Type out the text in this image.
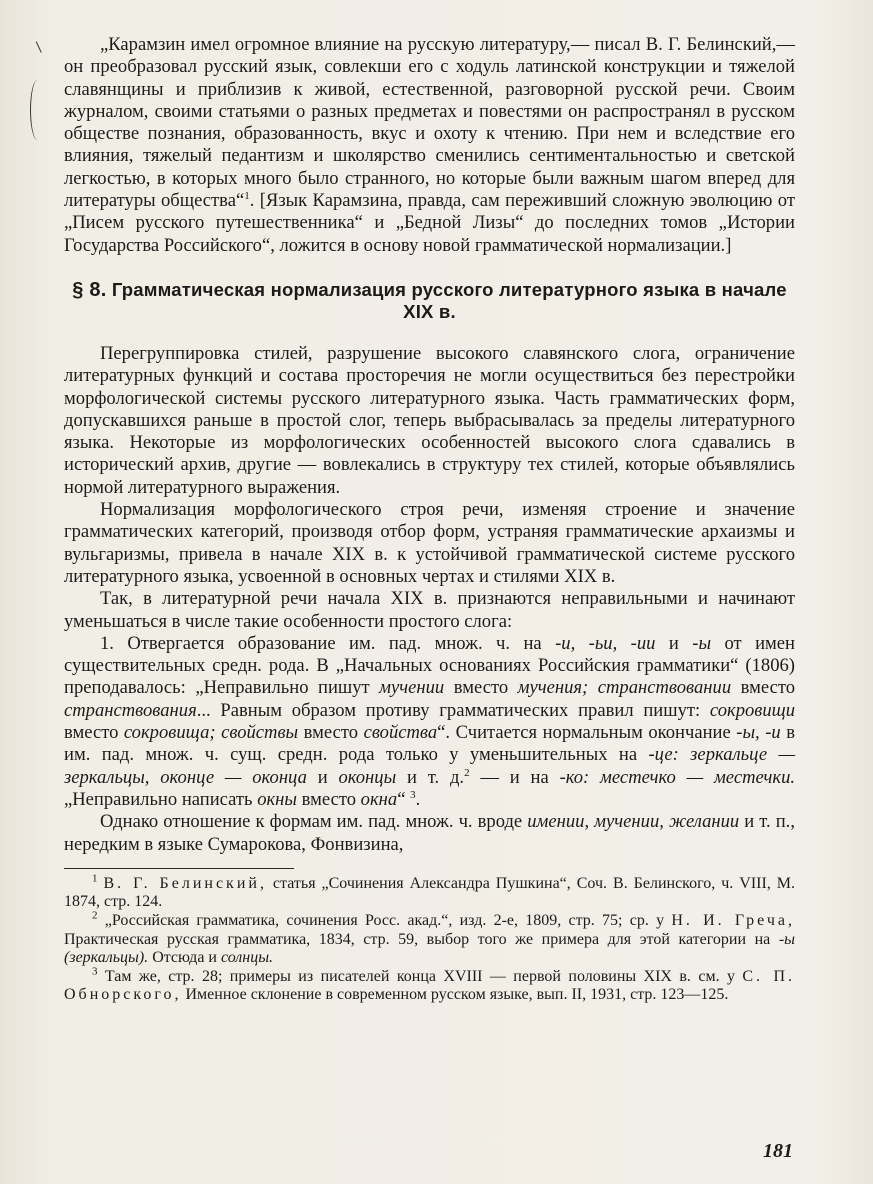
„Карамзин имел огромное влияние на русскую литературу,— писал В. Г. Белинский,— он преобразовал русский язык, совлекши его с ходуль латинской конструкции и тяжелой славянщины и приблизив к живой, естественной, разговорной русской речи. Своим журналом, своими статьями о разных предметах и повестями он распространял в русском обществе познания, образованность, вкус и охоту к чтению. При нем и вследствие его влияния, тяжелый педантизм и школярство сменились сентиментальностью и светской легкостью, в которых много было странного, но которые были важным шагом вперед для литературы общества“$^1$. [Язык Карамзина, правда, сам переживший сложную эволюцию от „Писем русского путешественника“ и „Бедной Лизы“ до последних томов „Истории Государства Российского“, ложится в основу новой грамматической нормализации.]

§ 8. Грамматическая нормализация русского литературного языка в начале XIX в.

Перегруппировка стилей, разрушение высокого славянского слога, ограничение литературных функций и состава просторечия не могли осуществиться без перестройки морфологической системы русского литературного языка. Часть грамматических форм, допускавшихся раньше в простой слог, теперь выбрасывалась за пределы литературного языка. Некоторые из морфологических особенностей высокого слога сдавались в исторический архив, другие — вовлекались в структуру тех стилей, которые объявлялись нормой литературного выражения.

Нормализация морфологического строя речи, изменяя строение и значение грамматических категорий, производя отбор форм, устраняя грамматические архаизмы и вульгаризмы, привела в начале XIX в. к устойчивой грамматической системе русского литературного языка, усвоенной в основных чертах и стилями XIX в.

Так, в литературной речи начала XIX в. признаются неправильными и начинают уменьшаться в числе такие особенности простого слога:

1. Отвергается образование им. пад. множ. ч. на -и, -ьи, -ии и -ы от имен существительных средн. рода. В „Начальных основаниях Российския грамматики“ (1806) преподавалось: „Неправильно пишут мучении вместо мучения; странствовании вместо странствования... Равным образом противу грамматических правил пишут: сокровищи вместо сокровища; свойствы вместо свойства“. Считается нормальным окончание -ы, -и в им. пад. множ. ч. сущ. средн. рода только у уменьшительных на -це: зеркальце — зеркальцы, оконце — оконца и оконцы и т. д.$^2$ — и на -ко: местечко — местечки. „Неправильно написать окны вместо окна“ $^3$.

Однако отношение к формам им. пад. множ. ч. вроде имении, мучении, желании и т. п., нередким в языке Сумарокова, Фонвизина,

$^1$ В. Г. Белинский, статья „Сочинения Александра Пушкина“, Соч. В. Белинского, ч. VIII, М. 1874, стр. 124.

$^2$ „Российская грамматика, сочинения Росс. акад.“, изд. 2-е, 1809, стр. 75; ср. у Н. И. Греча, Практическая русская грамматика, 1834, стр. 59, выбор того же примера для этой категории на -ы (зеркальцы). Отсюда и солнцы.

$^3$ Там же, стр. 28; примеры из писателей конца XVIII — первой половины XIX в. см. у С. П. Обнорского, Именное склонение в современном русском языке, вып. II, 1931, стр. 123—125.

181
